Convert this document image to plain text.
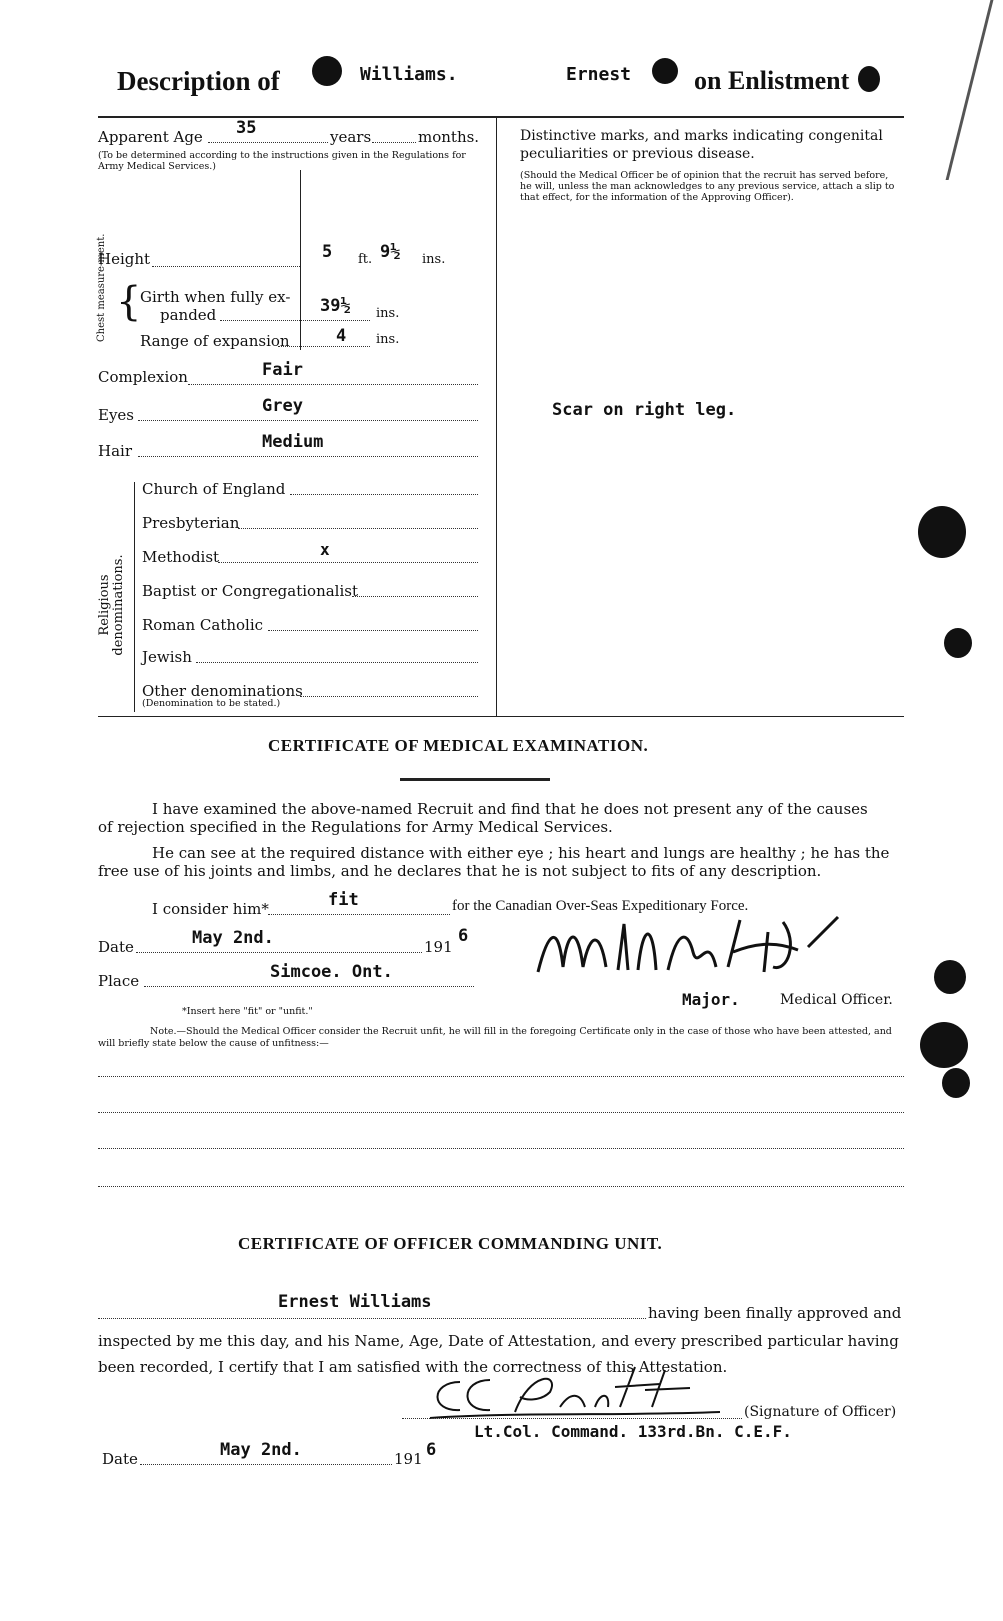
Description of	Williams.	Ernest on Enlistment
Apparent Age 35	years	months.
(To be determined according to the instructions given in the Regulations for Army Medical Services.)
Height	5 ft. 9½ ins.
Chest measure-ment. {
Girth when fully ex-
panded	39½ ins.
Range of expansion	4 ins.
Complexion	Fair
Eyes	Grey
Hair	Medium
Religious denominations.
Church of England
Presbyterian
Methodist	x
Baptist or Congregationalist
Roman Catholic
Jewish
Other denominations
(Denomination to be stated.)
Distinctive marks, and marks indicating congenital
peculiarities or previous disease.
(Should the Medical Officer be of opinion that the recruit has served before, he will, unless the man acknowledges to any previous service, attach a slip to that effect, for the information of the Approving Officer).
Scar on right leg.
CERTIFICATE OF MEDICAL EXAMINATION.
I have examined the above-named Recruit and find that he does not present any of the causes
of rejection specified in the Regulations for Army Medical Services.
He can see at the required distance with either eye ; his heart and lungs are healthy ; he has the
free use of his joints and limbs, and he declares that he is not subject to fits of any description.
I consider him*	fit	for the Canadian Over-Seas Expeditionary Force.
Date	May 2nd.	191
6
Place	Simcoe. Ont.
*Insert here "fit" or "unfit."
Major.	Medical Officer.
Note.—Should the Medical Officer consider the Recruit unfit, he will fill in the foregoing Certificate only in the case of those who have been attested, and will briefly state below the cause of unfitness:—
CERTIFICATE OF OFFICER COMMANDING UNIT.
Ernest Williams
having been finally approved and
inspected by me this day, and his Name, Age, Date of Attestation, and every prescribed particular having
been recorded, I certify that I am satisfied with the correctness of this Attestation.
(Signature of Officer)
Lt.Col. Command. 133rd.Bn. C.E.F.
Date	May 2nd.	191 6
